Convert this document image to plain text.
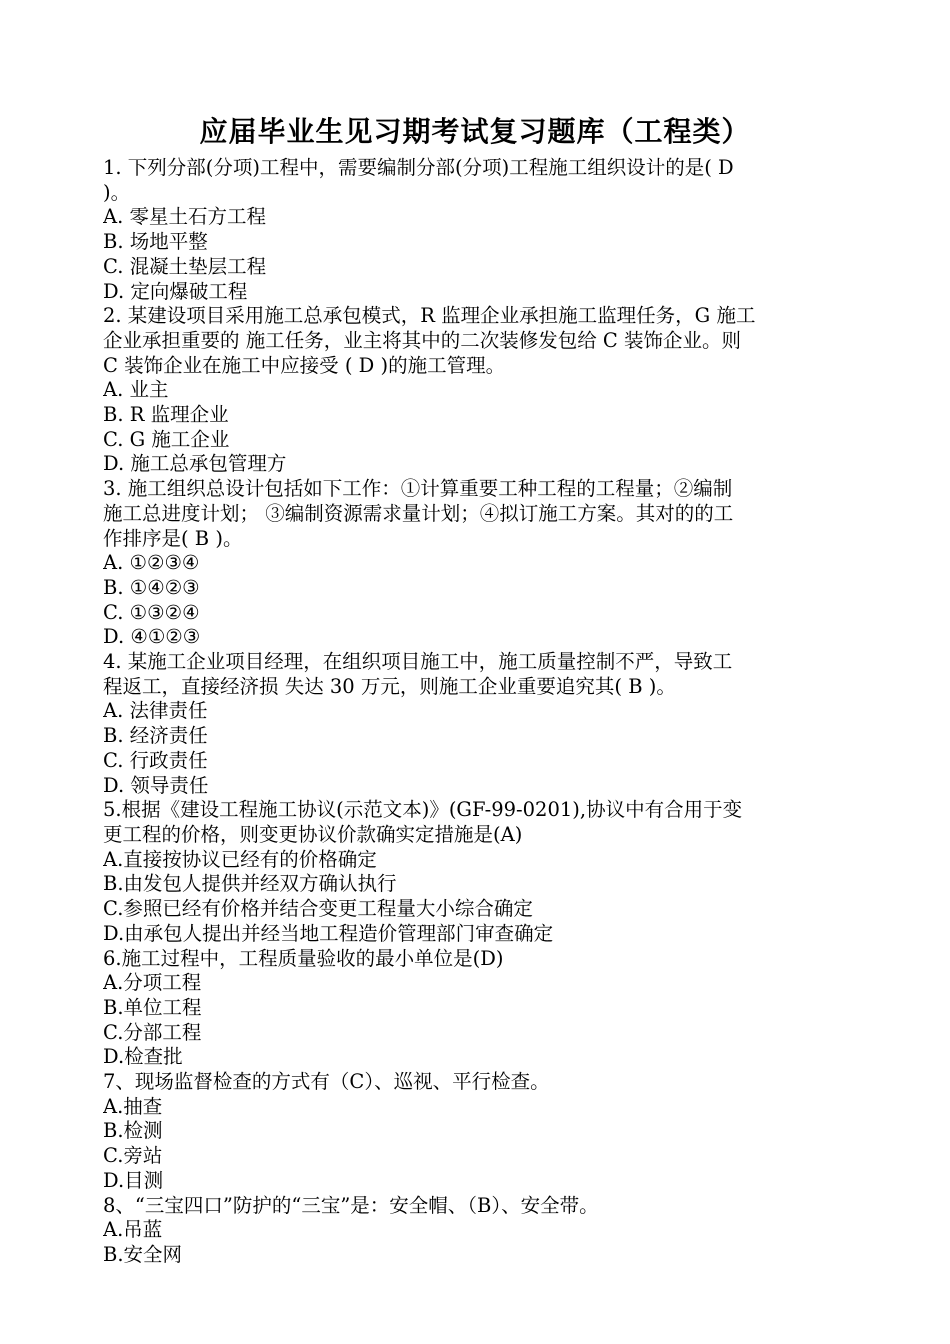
应届毕业生见习期考试复习题库（工程类）
1. 下列分部(分项)工程中，需要编制分部(分项)工程施工组织设计的是( D
)。
A. 零星土石方工程
B. 场地平整
C. 混凝土垫层工程
D. 定向爆破工程
2. 某建设项目采用施工总承包模式，R 监理企业承担施工监理任务，G 施工
企业承担重要的 施工任务，业主将其中的二次装修发包给 C 装饰企业。则
C 装饰企业在施工中应接受 ( D )的施工管理。
A. 业主
B. R 监理企业
C. G 施工企业
D. 施工总承包管理方
3. 施工组织总设计包括如下工作：①计算重要工种工程的工程量；②编制
施工总进度计划； ③编制资源需求量计划；④拟订施工方案。其对的的工
作排序是( B )。
A. ①②③④
B. ①④②③
C. ①③②④
D. ④①②③
4. 某施工企业项目经理，在组织项目施工中，施工质量控制不严，导致工
程返工，直接经济损 失达 30 万元，则施工企业重要追究其( B )。
A. 法律责任
B. 经济责任
C. 行政责任
D. 领导责任
5.根据《建设工程施工协议(示范文本)》(GF-99-0201),协议中有合用于变
更工程的价格，则变更协议价款确实定措施是(A)
A.直接按协议已经有的价格确定
B.由发包人提供并经双方确认执行
C.参照已经有价格并结合变更工程量大小综合确定
D.由承包人提出并经当地工程造价管理部门审查确定
6.施工过程中，工程质量验收的最小单位是(D)
A.分项工程
B.单位工程
C.分部工程
D.检查批
7、现场监督检查的方式有（C）、巡视、平行检查。
A.抽查
B.检测
C.旁站
D.目测
8、“三宝四口”防护的“三宝”是：安全帽、（B）、安全带。
A.吊蓝
B.安全网
